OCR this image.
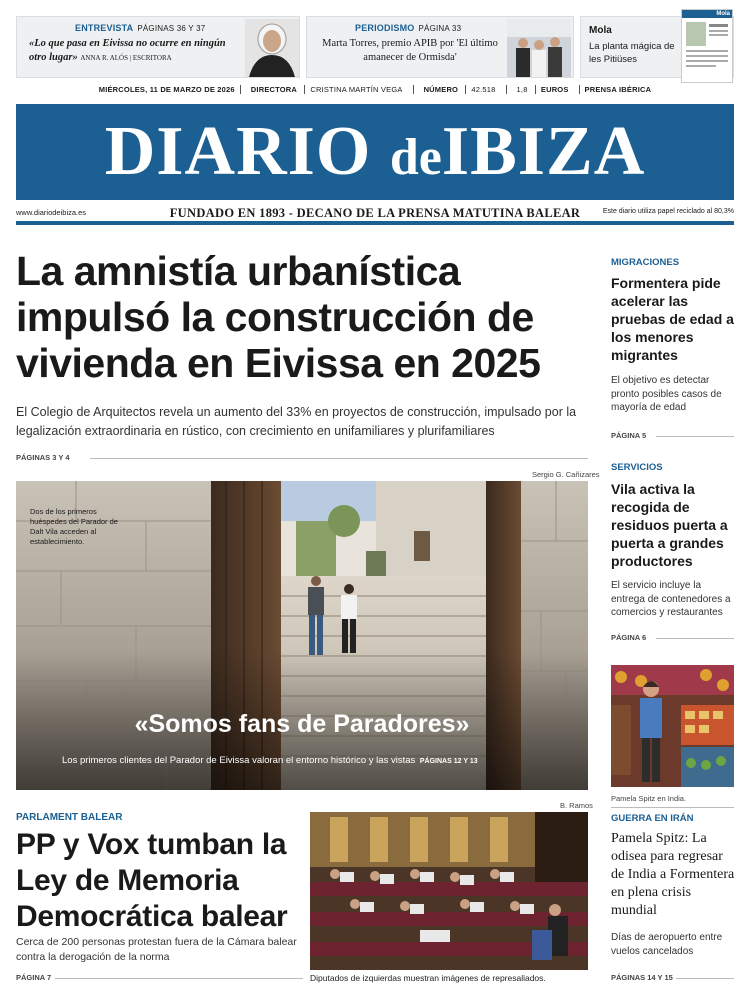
ENTREVISTA PÁGINAS 36 Y 37
«Lo que pasa en Eivissa no ocurre en ningún otro lugar» ANNA R. ALÓS | ESCRITORA
PERIODISMO PÁGINA 33
Marta Torres, premio APIB por 'El último amanecer de Ormisda'
Mola
La planta mágica de les Pitiüses
Mola
MIÉRCOLES, 11 DE MARZO DE 2026 DIRECTORA CRISTINA MARTÍN VEGA	NÚMERO 42.518	1,8 EUROS PRENSA IBÉRICA
DIARIO deIBIZA
www.diariodeibiza.es	FUNDADO EN 1893 - DECANO DE LA PRENSA MATUTINA BALEAR	Este diario utiliza papel reciclado al 80,3%
La amnistía urbanística impulsó la construcción de vivienda en Eivissa en 2025
El Colegio de Arquitectos revela un aumento del 33% en proyectos de construcción, impulsado por la legalización extraordinaria en rústico, con crecimiento en unifamiliares y plurifamiliares
PÁGINAS 3 Y 4
Sergio G. Cañizares
Dos de los primeros huéspedes del Parador de Dalt Vila acceden al establecimiento.
«Somos fans de Paradores»
Los primeros clientes del Parador de Eivissa valoran el entorno histórico y las vistas PÁGINAS 12 Y 13
MIGRACIONES
Formentera pide acelerar las pruebas de edad a los menores migrantes
El objetivo es detectar pronto posibles casos de mayoría de edad
PÁGINA 5
SERVICIOS
Vila activa la recogida de residuos puerta a puerta a grandes productores
El servicio incluye la entrega de contenedores a comercios y restaurantes
PÁGINA 6
Pamela Spitz en India.
GUERRA EN IRÁN
Pamela Spitz: La odisea para regresar de India a Formentera en plena crisis mundial
Días de aeropuerto entre vuelos cancelados
PÁGINAS 14 Y 15
PARLAMENT BALEAR
PP y Vox tumban la Ley de Memoria Democrática balear
Cerca de 200 personas protestan fuera de la Cámara balear contra la derogación de la norma
PÁGINA 7
B. Ramos
Diputados de izquierdas muestran imágenes de represaliados.
